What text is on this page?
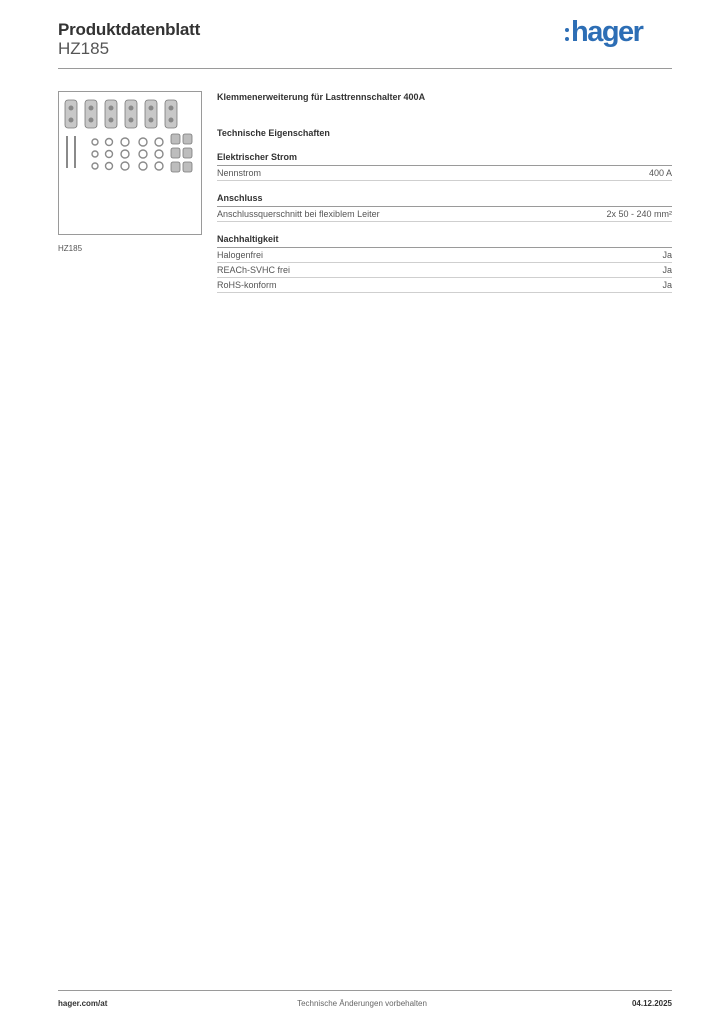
Produktdatenblatt
HZ185
hager
HZ185
Klemmenerweiterung für Lasttrennschalter 400A
Technische Eigenschaften
Elektrischer Strom
Nennstrom	400 A
Anschluss
Anschlussquerschnitt bei flexiblem Leiter	2x 50 - 240 mm²
Nachhaltigkeit
Halogenfrei	Ja
REACh-SVHC frei	Ja
RoHS-konform	Ja
hager.com/at	Technische Änderungen vorbehalten	04.12.2025
